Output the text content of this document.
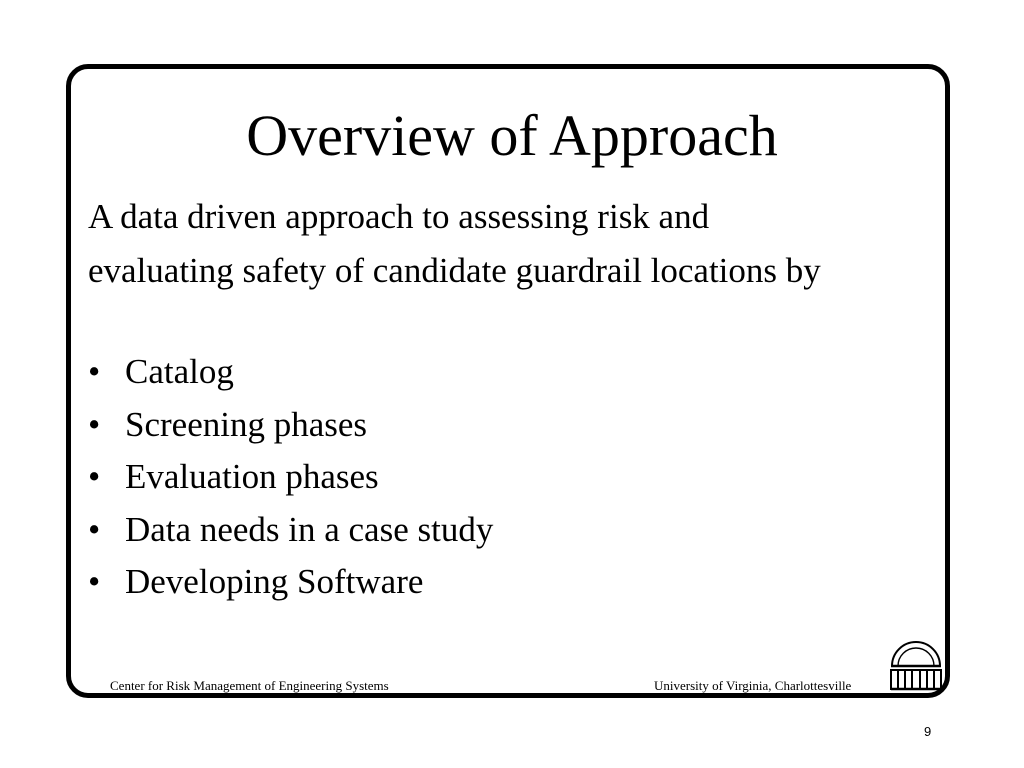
Overview of Approach
A data driven approach to assessing risk and
evaluating safety of candidate guardrail locations by
• Catalog
• Screening phases
• Evaluation phases
• Data needs in a case study
• Developing Software
Center for Risk Management of Engineering Systems	University of Virginia, Charlottesville
9
